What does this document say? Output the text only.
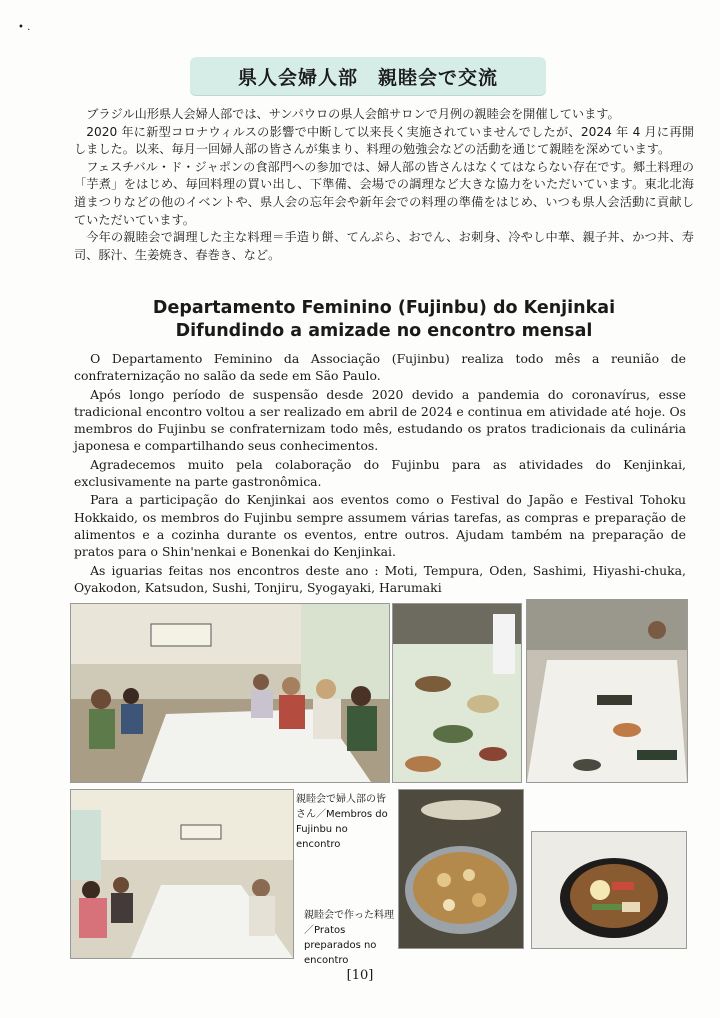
• .
県人会婦人部　親睦会で交流

ブラジル山形県人会婦人部では、サンパウロの県人会館サロンで月例の親睦会を開催しています。

2020 年に新型コロナウィルスの影響で中断して以来長く実施されていませんでしたが、2024 年 4 月に再開しました。以来、毎月一回婦人部の皆さんが集まり、料理の勉強会などの活動を通じて親睦を深めています。

フェスチバル・ド・ジャポンの食部門への参加では、婦人部の皆さんはなくてはならない存在です。郷土料理の「芋煮」をはじめ、毎回料理の買い出し、下準備、会場での調理など大きな協力をいただいています。東北北海道まつりなどの他のイベントや、県人会の忘年会や新年会での料理の準備をはじめ、いつも県人会活動に貢献していただいています。

今年の親睦会で調理した主な料理＝手造り餅、てんぷら、おでん、お刺身、冷やし中華、親子丼、かつ丼、寿司、豚汁、生姜焼き、春巻き、など。

Departamento Feminino (Fujinbu) do Kenjinkai
Difundindo a amizade no encontro mensal

O Departamento Feminino da Associação (Fujinbu) realiza todo mês a reunião de confraternização no salão da sede em São Paulo.

Após longo período de suspensão desde 2020 devido a pandemia do coronavírus, esse tradicional encontro voltou a ser realizado em abril de 2024 e continua em atividade até hoje. Os membros do Fujinbu se confraternizam todo mês, estudando os pratos tradicionais da culinária japonesa e compartilhando seus conhecimentos.

Agradecemos muito pela colaboração do Fujinbu para as atividades do Kenjinkai, exclusivamente na parte gastronômica.

Para a participação do Kenjinkai aos eventos como o Festival do Japão e Festival Tohoku Hokkaido, os membros do Fujinbu sempre assumem várias tarefas, as compras e preparação de alimentos e a cozinha durante os eventos, entre outros. Ajudam também na preparação de pratos para o Shin'nenkai e Bonenkai do Kenjinkai.

As iguarias feitas nos encontros deste ano : Moti, Tempura, Oden, Sashimi, Hiyashi-chuka, Oyakodon, Katsudon, Sushi, Tonjiru, Syogayaki, Harumaki

親睦会で婦人部の皆さん／Membros do Fujinbu no encontro
親睦会で作った料理／Pratos preparados no encontro
[10]
